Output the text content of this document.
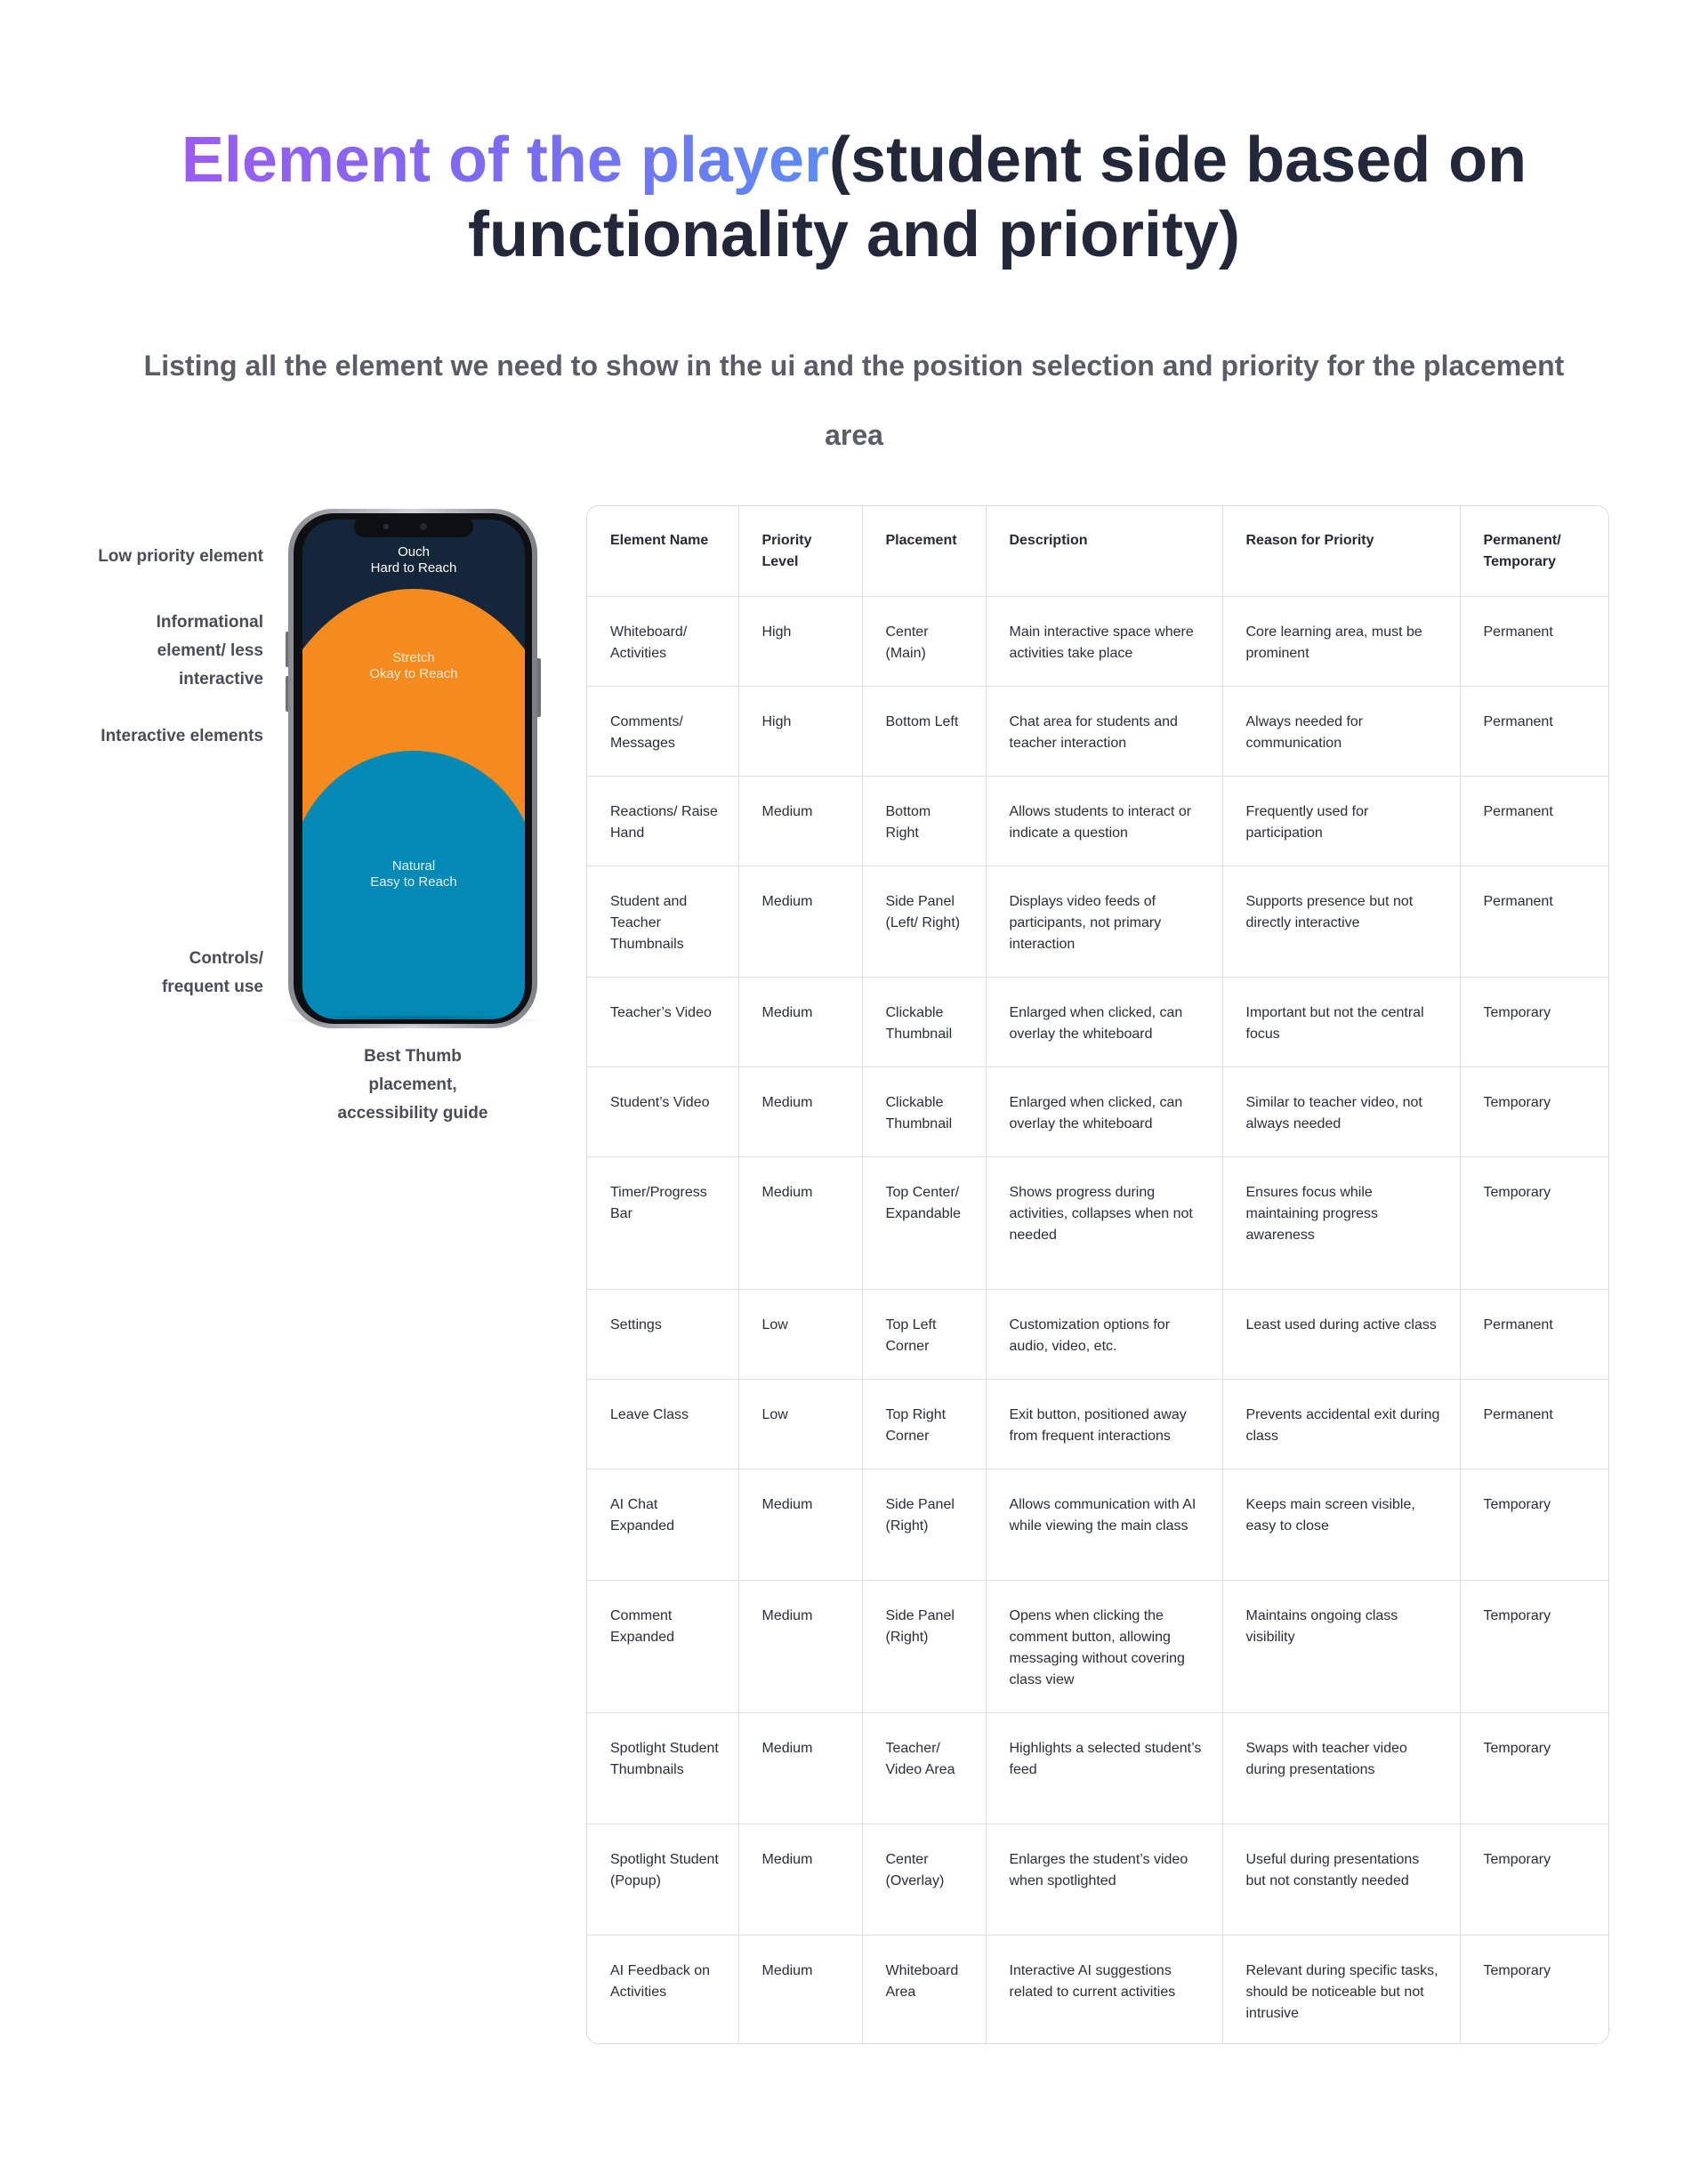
Element of the player(student side based on
functionality and priority)

Listing all the element we need to show in the ui and the position selection and priority for the placement area

Low priority element
Informational element/ less interactive
Interactive elements
Controls/ frequent use
Ouch
Hard to Reach
Stretch
Okay to Reach
Natural
Easy to Reach
Best Thumb placement, accessibility guide
Element Name	Priority Level	Placement	Description	Reason for Priority	Permanent/ Temporary
Whiteboard/ Activities	High	Center (Main)	Main interactive space where activities take place	Core learning area, must be prominent	Permanent
Comments/ Messages	High	Bottom Left	Chat area for students and teacher interaction	Always needed for communication	Permanent
Reactions/ Raise Hand	Medium	Bottom Right	Allows students to interact or indicate a question	Frequently used for participation	Permanent
Student and Teacher Thumbnails	Medium	Side Panel (Left/ Right)	Displays video feeds of participants, not primary interaction	Supports presence but not directly interactive	Permanent
Teacher’s Video	Medium	Clickable Thumbnail	Enlarged when clicked, can overlay the whiteboard	Important but not the central focus	Temporary
Student’s Video	Medium	Clickable Thumbnail	Enlarged when clicked, can overlay the whiteboard	Similar to teacher video, not always needed	Temporary
Timer/Progress Bar	Medium	Top Center/ Expandable	Shows progress during activities, collapses when not needed	Ensures focus while maintaining progress awareness	Temporary
Settings	Low	Top Left Corner	Customization options for audio, video, etc.	Least used during active class	Permanent
Leave Class	Low	Top Right Corner	Exit button, positioned away from frequent interactions	Prevents accidental exit during class	Permanent
AI Chat Expanded	Medium	Side Panel (Right)	Allows communication with AI while viewing the main class	Keeps main screen visible, easy to close	Temporary
Comment Expanded	Medium	Side Panel (Right)	Opens when clicking the comment button, allowing messaging without covering class view	Maintains ongoing class visibility	Temporary
Spotlight Student Thumbnails	Medium	Teacher/ Video Area	Highlights a selected student’s feed	Swaps with teacher video during presentations	Temporary
Spotlight Student (Popup)	Medium	Center (Overlay)	Enlarges the student’s video when spotlighted	Useful during presentations but not constantly needed	Temporary
AI Feedback on Activities	Medium	Whiteboard Area	Interactive AI suggestions related to current activities	Relevant during specific tasks, should be noticeable but not intrusive	Temporary
